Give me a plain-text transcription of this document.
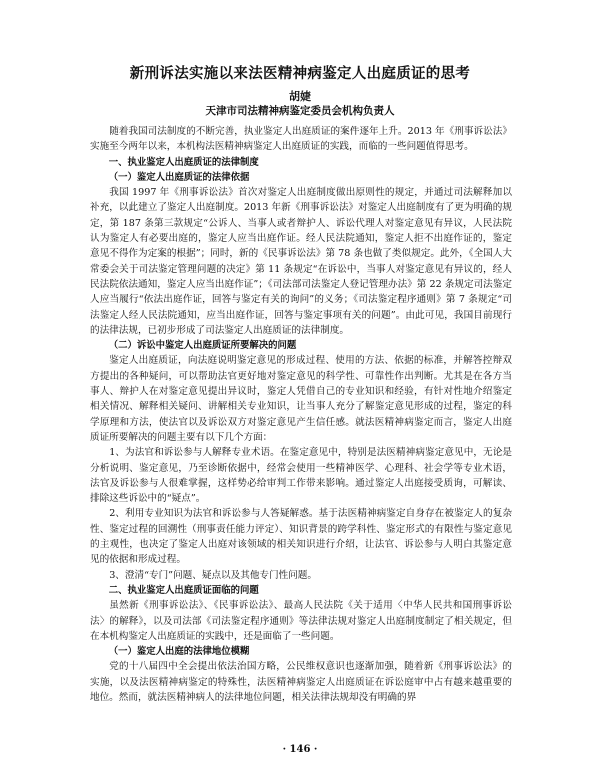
新刑诉法实施以来法医精神病鉴定人出庭质证的思考
胡婕
天津市司法精神病鉴定委员会机构负责人

随着我国司法制度的不断完善，执业鉴定人出庭质证的案件逐年上升。2013 年《刑事诉讼法》实施至今两年以来，本机构法医精神病鉴定人出庭质证的实践，而临的一些问题值得思考。

一、执业鉴定人出庭质证的法律制度

（一）鉴定人出庭质证的法律依据

我国 1997 年《刑事诉讼法》首次对鉴定人出庭制度做出原则性的规定，并通过司法解释加以补充，以此建立了鉴定人出庭制度。2013 年新《刑事诉讼法》对鉴定人出庭制度有了更为明确的规定，第 187 条第三款规定“公诉人、当事人或者辩护人、诉讼代理人对鉴定意见有异议，人民法院认为鉴定人有必要出庭的，鉴定人应当出庭作证。经人民法院通知，鉴定人拒不出庭作证的，鉴定意见不得作为定案的根据”；同时，新的《民事诉讼法》第 78 条也做了类似规定。此外，《全国人大常委会关于司法鉴定管理问题的决定》第 11 条规定“在诉讼中，当事人对鉴定意见有异议的，经人民法院依法通知，鉴定人应当出庭作证”；《司法部司法鉴定人登记管理办法》第 22 条规定司法鉴定人应当履行“依法出庭作证，回答与鉴定有关的询问”的义务；《司法鉴定程序通则》第 7 条规定“司法鉴定人经人民法院通知，应当出庭作证，回答与鉴定事项有关的问题”。由此可见，我国目前现行的法律法规，已初步形成了司法鉴定人出庭质证的法律制度。

（二）诉讼中鉴定人出庭质证所要解决的问题

鉴定人出庭质证，向法庭说明鉴定意见的形成过程、使用的方法、依据的标准，并解答控辩双方提出的各种疑问，可以帮助法官更好地对鉴定意见的科学性、可靠性作出判断。尤其是在各方当事人、辩护人在对鉴定意见提出异议时，鉴定人凭借自己的专业知识和经验，有针对性地介绍鉴定相关情况、解释相关疑问、讲解相关专业知识，让当事人充分了解鉴定意见形成的过程，鉴定的科学原理和方法，使法官以及诉讼双方对鉴定意见产生信任感。就法医精神病鉴定而言，鉴定人出庭质证所要解决的问题主要有以下几个方面：

1、为法官和诉讼参与人解释专业术语。在鉴定意见中，特别是法医精神病鉴定意见中，无论是分析说明、鉴定意见，乃至诊断依据中，经常会使用一些精神医学、心理科、社会学等专业术语，法官及诉讼参与人很难掌握，这样势必给审判工作带来影响。通过鉴定人出庭接受质询，可解读、排除这些诉讼中的“疑点”。

2、利用专业知识为法官和诉讼参与人答疑解惑。基于法医精神病鉴定自身存在被鉴定人的复杂性、鉴定过程的回溯性（刑事责任能力评定）、知识背景的跨学科性、鉴定形式的有限性与鉴定意见的主观性，也决定了鉴定人出庭对该领域的相关知识进行介绍，让法官、诉讼参与人明白其鉴定意见的依据和形成过程。

3、澄清“专门”问题、疑点以及其他专门性问题。

二、执业鉴定人出庭质证面临的问题

虽然新《刑事诉讼法》、《民事诉讼法》、最高人民法院《关于适用〈中华人民共和国刑事诉讼法〉的解释》，以及司法部《司法鉴定程序通则》等法律法规对鉴定人出庭制度制定了相关规定，但在本机构鉴定人出庭质证的实践中，还是面临了一些问题。

（一）鉴定人出庭的法律地位模糊

党的十八届四中全会提出依法治国方略，公民维权意识也逐渐加强，随着新《刑事诉讼法》的实施，以及法医精神病鉴定的特殊性，法医精神病鉴定人出庭质证在诉讼庭审中占有越来越重要的地位。然而，就法医精神病人的法律地位问题，相关法律法规却没有明确的界

· 146 ·
